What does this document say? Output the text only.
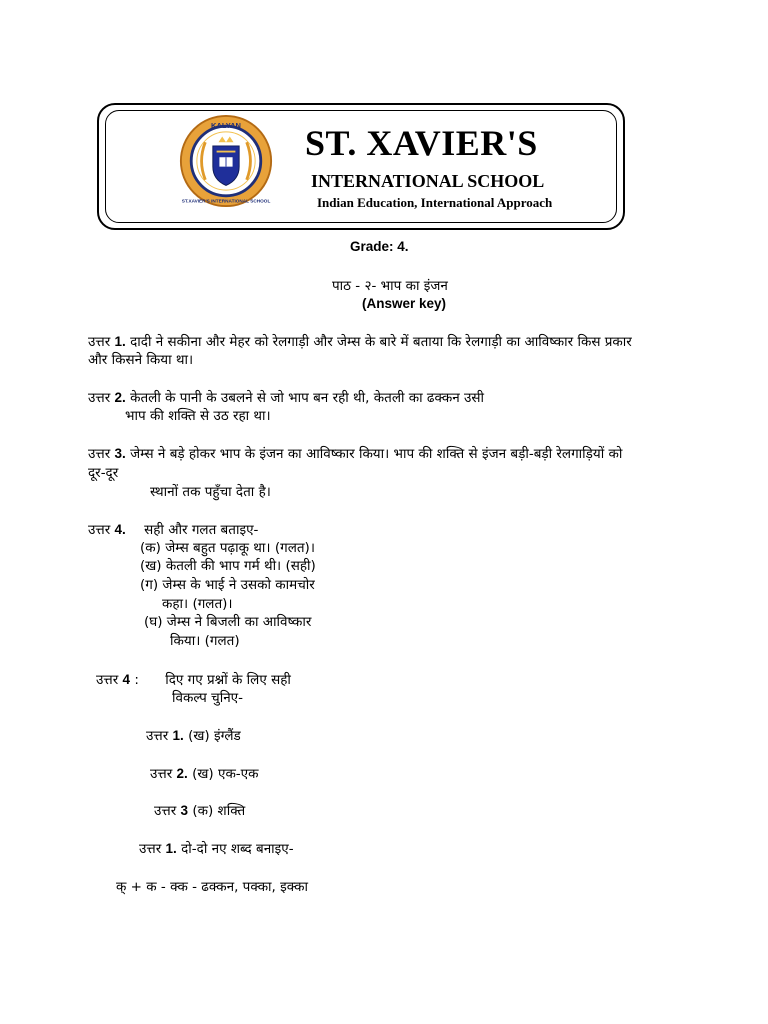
KALYAN
ST.XAVIER'S INTERNATIONAL SCHOOL
ST. XAVIER'S
INTERNATIONAL SCHOOL
Indian Education, International Approach
Grade: 4.
पाठ - २- भाप का इंजन
(Answer key)
उत्तर 1. दादी ने सकीना और मेहर को रेलगाड़ी और जेम्स के बारे में बताया कि रेलगाड़ी का आविष्कार किस प्रकार
और किसने किया था।
उत्तर 2. केतली के पानी के उबलने से जो भाप बन रही थी, केतली का ढक्कन उसी
भाप की शक्ति से उठ रहा था।
उत्तर 3. जेम्स ने बड़े होकर भाप के इंजन का आविष्कार किया। भाप की शक्ति से इंजन बड़ी-बड़ी रेलगाड़ियों को
दूर-दूर
स्थानों तक पहुँचा देता है।
उत्तर 4. सही और गलत बताइए-
(क) जेम्स बहुत पढ़ाकू था। (गलत)।
(ख) केतली की भाप गर्म थी। (सही)
(ग) जेम्स के भाई ने उसको कामचोर
कहा। (गलत)।
(घ) जेम्स ने बिजली का आविष्कार
किया। (गलत)
उत्तर 4 : दिए गए प्रश्नों के लिए सही
विकल्प चुनिए-
उत्तर 1. (ख) इंग्लैंड
उत्तर 2. (ख) एक-एक
उत्तर 3 (क) शक्ति
उत्तर 1. दो-दो नए शब्द बनाइए-
क् + क - क्क - ढक्कन, पक्का, इक्का
